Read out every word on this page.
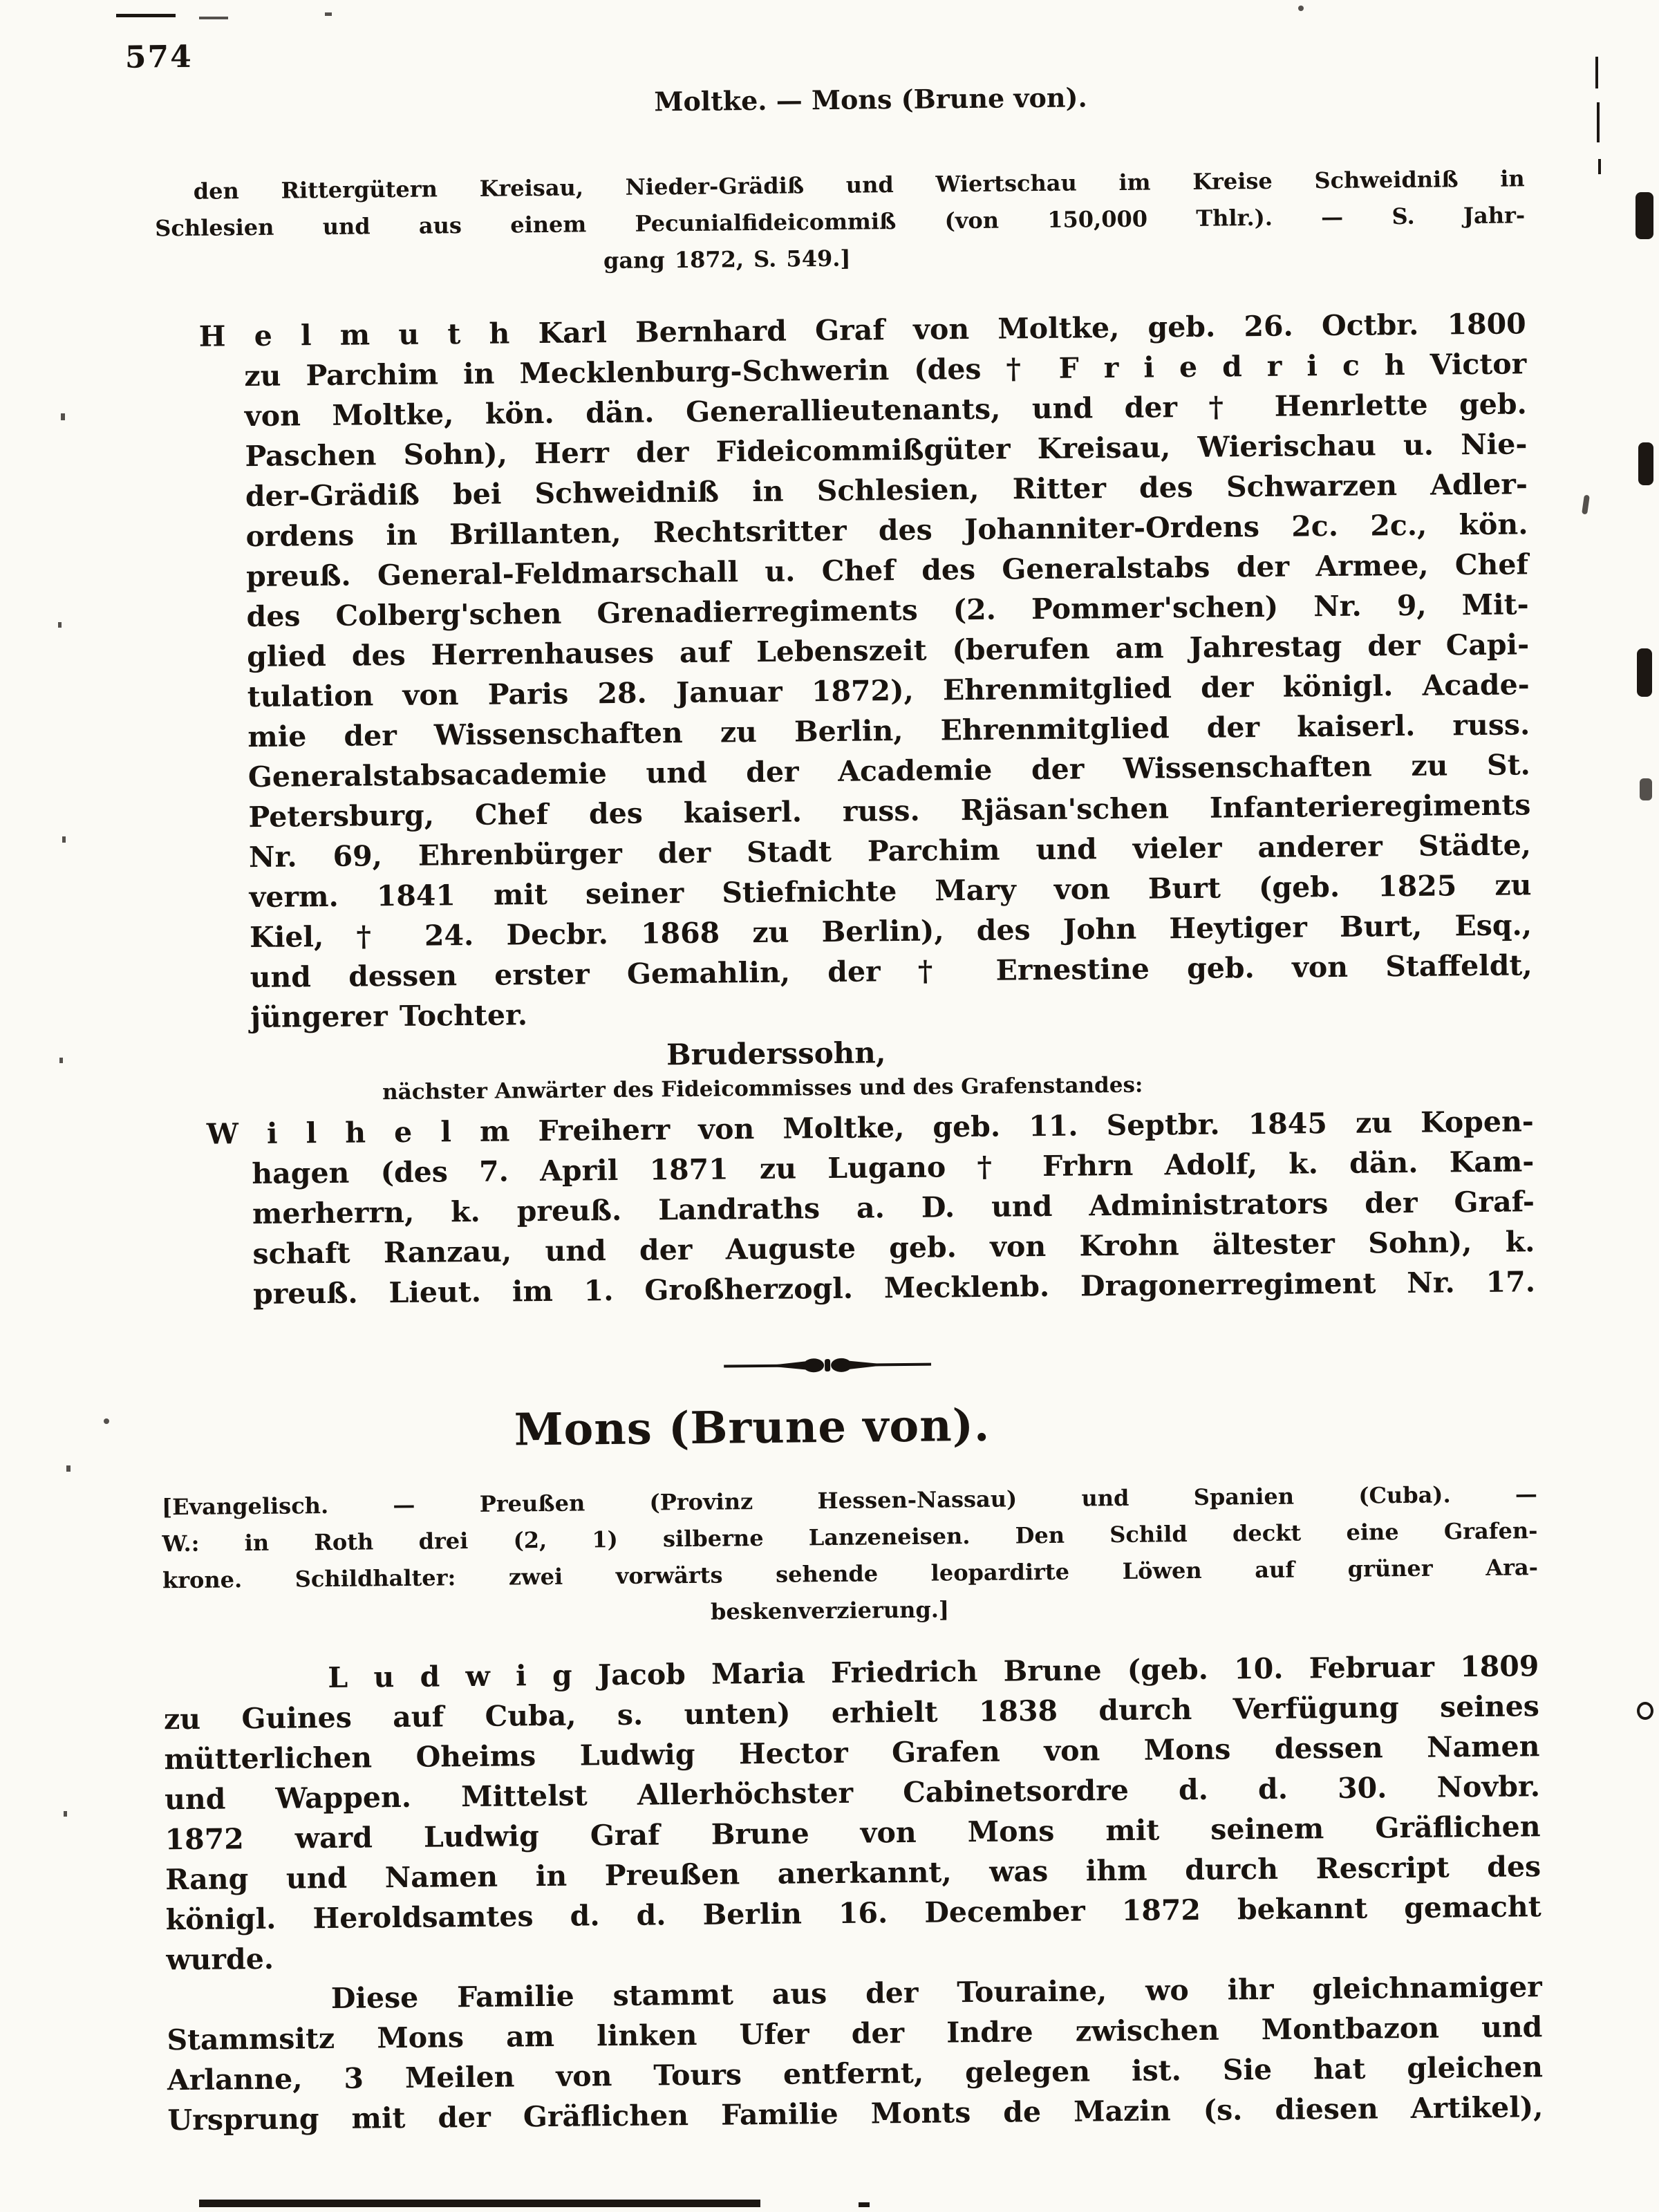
574
Moltke. — Mons (Brune von).
den Rittergütern Kreisau, Nieder-Grädiß und Wiertschau im Kreise Schweidniß in
Schlesien und aus einem Pecunialfideicommiß (von 150,000 Thlr.). — S. Jahr-
gang 1872, S. 549.]
H e l m u t h Karl Bernhard Graf von Moltke, geb. 26. Octbr. 1800
zu Parchim in Mecklenburg-Schwerin (des † F r i e d r i c h Victor
von Moltke, kön. dän. Generallieutenants, und der † Henrlette geb.
Paschen Sohn), Herr der Fideicommißgüter Kreisau, Wierischau u. Nie-
der-Grädiß bei Schweidniß in Schlesien, Ritter des Schwarzen Adler-
ordens in Brillanten, Rechtsritter des Johanniter-Ordens 2c. 2c., kön.
preuß. General-Feldmarschall u. Chef des Generalstabs der Armee, Chef
des Colberg'schen Grenadierregiments (2. Pommer'schen) Nr. 9, Mit-
glied des Herrenhauses auf Lebenszeit (berufen am Jahrestag der Capi-
tulation von Paris 28. Januar 1872), Ehrenmitglied der königl. Acade-
mie der Wissenschaften zu Berlin, Ehrenmitglied der kaiserl. russ.
Generalstabsacademie und der Academie der Wissenschaften zu St.
Petersburg, Chef des kaiserl. russ. Rjäsan'schen Infanterieregiments
Nr. 69, Ehrenbürger der Stadt Parchim und vieler anderer Städte,
verm. 1841 mit seiner Stiefnichte Mary von Burt (geb. 1825 zu
Kiel, † 24. Decbr. 1868 zu Berlin), des John Heytiger Burt, Esq.,
und dessen erster Gemahlin, der † Ernestine geb. von Staffeldt,
jüngerer Tochter.
Bruderssohn,
nächster Anwärter des Fideicommisses und des Grafenstandes:
W i l h e l m Freiherr von Moltke, geb. 11. Septbr. 1845 zu Kopen-
hagen (des 7. April 1871 zu Lugano † Frhrn Adolf, k. dän. Kam-
merherrn, k. preuß. Landraths a. D. und Administrators der Graf-
schaft Ranzau, und der Auguste geb. von Krohn ältester Sohn), k.
preuß. Lieut. im 1. Großherzogl. Mecklenb. Dragonerregiment Nr. 17.
Mons (Brune von).
[Evangelisch. — Preußen (Provinz Hessen-Nassau) und Spanien (Cuba). —
W.: in Roth drei (2, 1) silberne Lanzeneisen. Den Schild deckt eine Grafen-
krone. Schildhalter: zwei vorwärts sehende leopardirte Löwen auf grüner Ara-
beskenverzierung.]
L u d w i g Jacob Maria Friedrich Brune (geb. 10. Februar 1809
zu Guines auf Cuba, s. unten) erhielt 1838 durch Verfügung seines
mütterlichen Oheims Ludwig Hector Grafen von Mons dessen Namen
und Wappen. Mittelst Allerhöchster Cabinetsordre d. d. 30. Novbr.
1872 ward Ludwig Graf Brune von Mons mit seinem Gräflichen
Rang und Namen in Preußen anerkannt, was ihm durch Rescript des
königl. Heroldsamtes d. d. Berlin 16. December 1872 bekannt gemacht
wurde.
Diese Familie stammt aus der Touraine, wo ihr gleichnamiger
Stammsitz Mons am linken Ufer der Indre zwischen Montbazon und
Arlanne, 3 Meilen von Tours entfernt, gelegen ist. Sie hat gleichen
Ursprung mit der Gräflichen Familie Monts de Mazin (s. diesen Artikel),
